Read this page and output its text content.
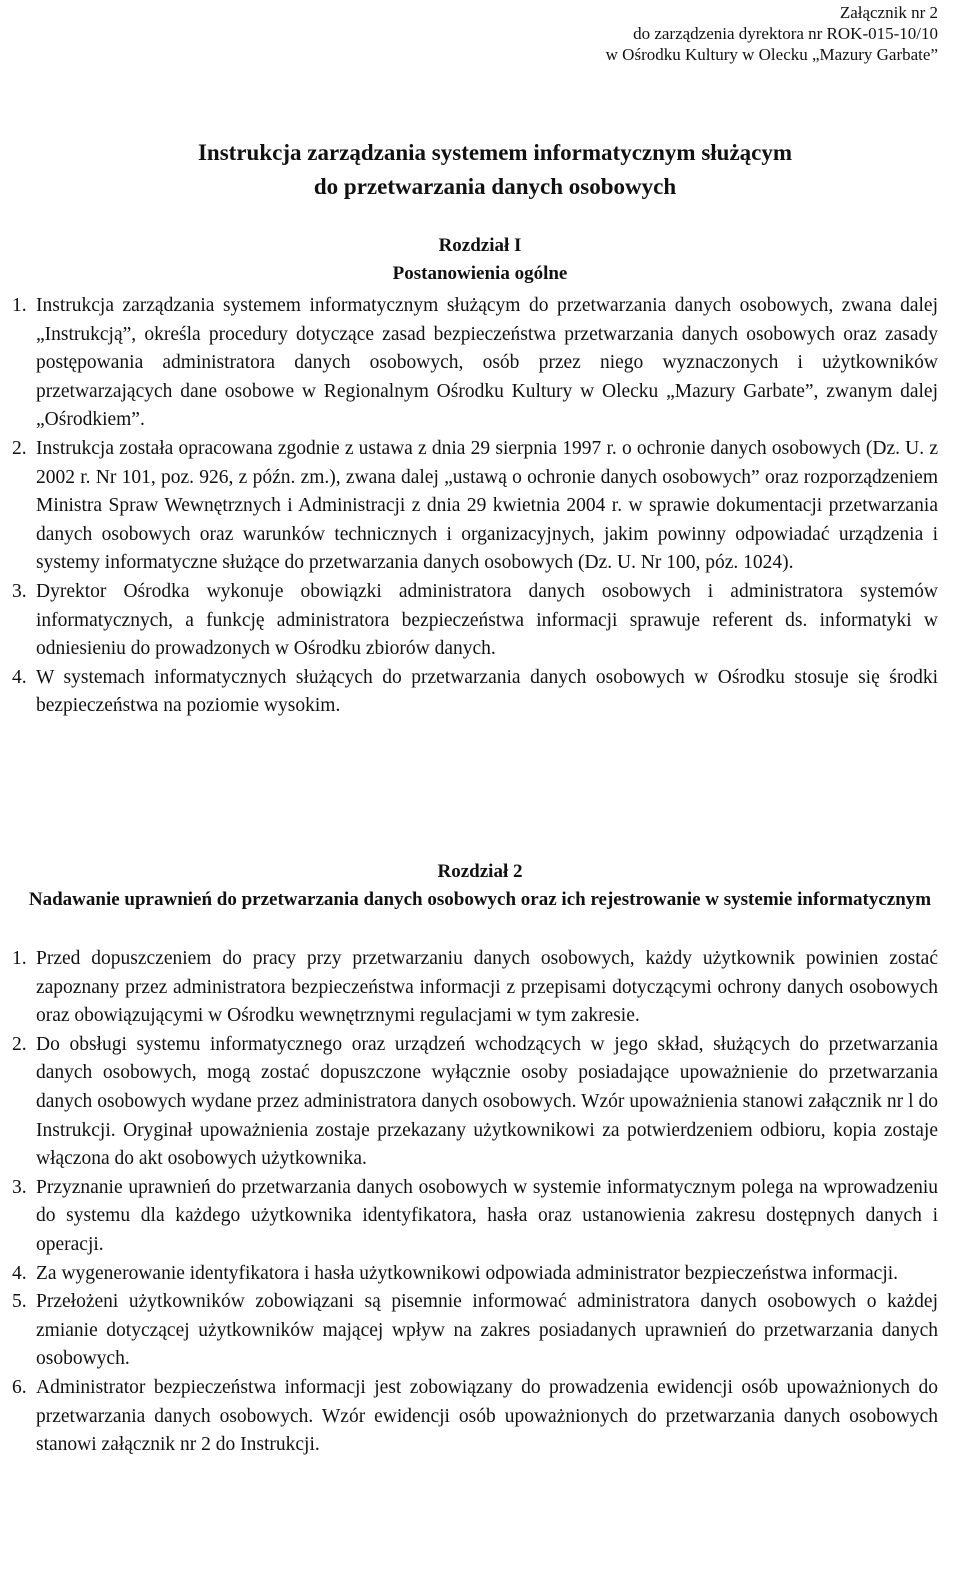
Załącznik nr 2
do zarządzenia dyrektora nr ROK-015-10/10
w Ośrodku Kultury w Olecku „Mazury Garbate”
Instrukcja zarządzania systemem informatycznym służącym
do przetwarzania danych osobowych
Rozdział I
Postanowienia ogólne
1. Instrukcja zarządzania systemem informatycznym służącym do przetwarzania danych osobowych, zwana dalej „Instrukcją”, określa procedury dotyczące zasad bezpieczeństwa przetwarzania danych osobowych oraz zasady postępowania administratora danych osobowych, osób przez niego wyznaczonych i użytkowników przetwarzających dane osobowe w Regionalnym Ośrodku Kultury w Olecku „Mazury Garbate”, zwanym dalej „Ośrodkiem”.
2. Instrukcja została opracowana zgodnie z ustawa z dnia 29 sierpnia 1997 r. o ochronie danych osobowych (Dz. U. z 2002 r. Nr 101, poz. 926, z późn. zm.), zwana dalej „ustawą o ochronie danych osobowych” oraz rozporządzeniem Ministra Spraw Wewnętrznych i Administracji z dnia 29 kwietnia 2004 r. w sprawie dokumentacji przetwarzania danych osobowych oraz warunków technicznych i organizacyjnych, jakim powinny odpowiadać urządzenia i systemy informatyczne służące do przetwarzania danych osobowych (Dz. U. Nr 100, póz. 1024).
3. Dyrektor Ośrodka wykonuje obowiązki administratora danych osobowych i administratora systemów informatycznych, a funkcję administratora bezpieczeństwa informacji sprawuje referent ds. informatyki w odniesieniu do prowadzonych w Ośrodku zbiorów danych.
4. W systemach informatycznych służących do przetwarzania danych osobowych w Ośrodku stosuje się środki bezpieczeństwa na poziomie wysokim.
Rozdział 2
Nadawanie uprawnień do przetwarzania danych osobowych oraz ich rejestrowanie w systemie informatycznym
1. Przed dopuszczeniem do pracy przy przetwarzaniu danych osobowych, każdy użytkownik powinien zostać zapoznany przez administratora bezpieczeństwa informacji z przepisami dotyczącymi ochrony danych osobowych oraz obowiązującymi w Ośrodku wewnętrznymi regulacjami w tym zakresie.
2. Do obsługi systemu informatycznego oraz urządzeń wchodzących w jego skład, służących do przetwarzania danych osobowych, mogą zostać dopuszczone wyłącznie osoby posiadające upoważnienie do przetwarzania danych osobowych wydane przez administratora danych osobowych. Wzór upoważnienia stanowi załącznik nr l do Instrukcji. Oryginał upoważnienia zostaje przekazany użytkownikowi za potwierdzeniem odbioru, kopia zostaje włączona do akt osobowych użytkownika.
3. Przyznanie uprawnień do przetwarzania danych osobowych w systemie informatycznym polega na wprowadzeniu do systemu dla każdego użytkownika identyfikatora, hasła oraz ustanowienia zakresu dostępnych danych i operacji.
4. Za wygenerowanie identyfikatora i hasła użytkownikowi odpowiada administrator bezpieczeństwa informacji.
5. Przełożeni użytkowników zobowiązani są pisemnie informować administratora danych osobowych o każdej zmianie dotyczącej użytkowników mającej wpływ na zakres posiadanych uprawnień do przetwarzania danych osobowych.
6. Administrator bezpieczeństwa informacji jest zobowiązany do prowadzenia ewidencji osób upoważnionych do przetwarzania danych osobowych. Wzór ewidencji osób upoważnionych do przetwarzania danych osobowych stanowi załącznik nr 2 do Instrukcji.
